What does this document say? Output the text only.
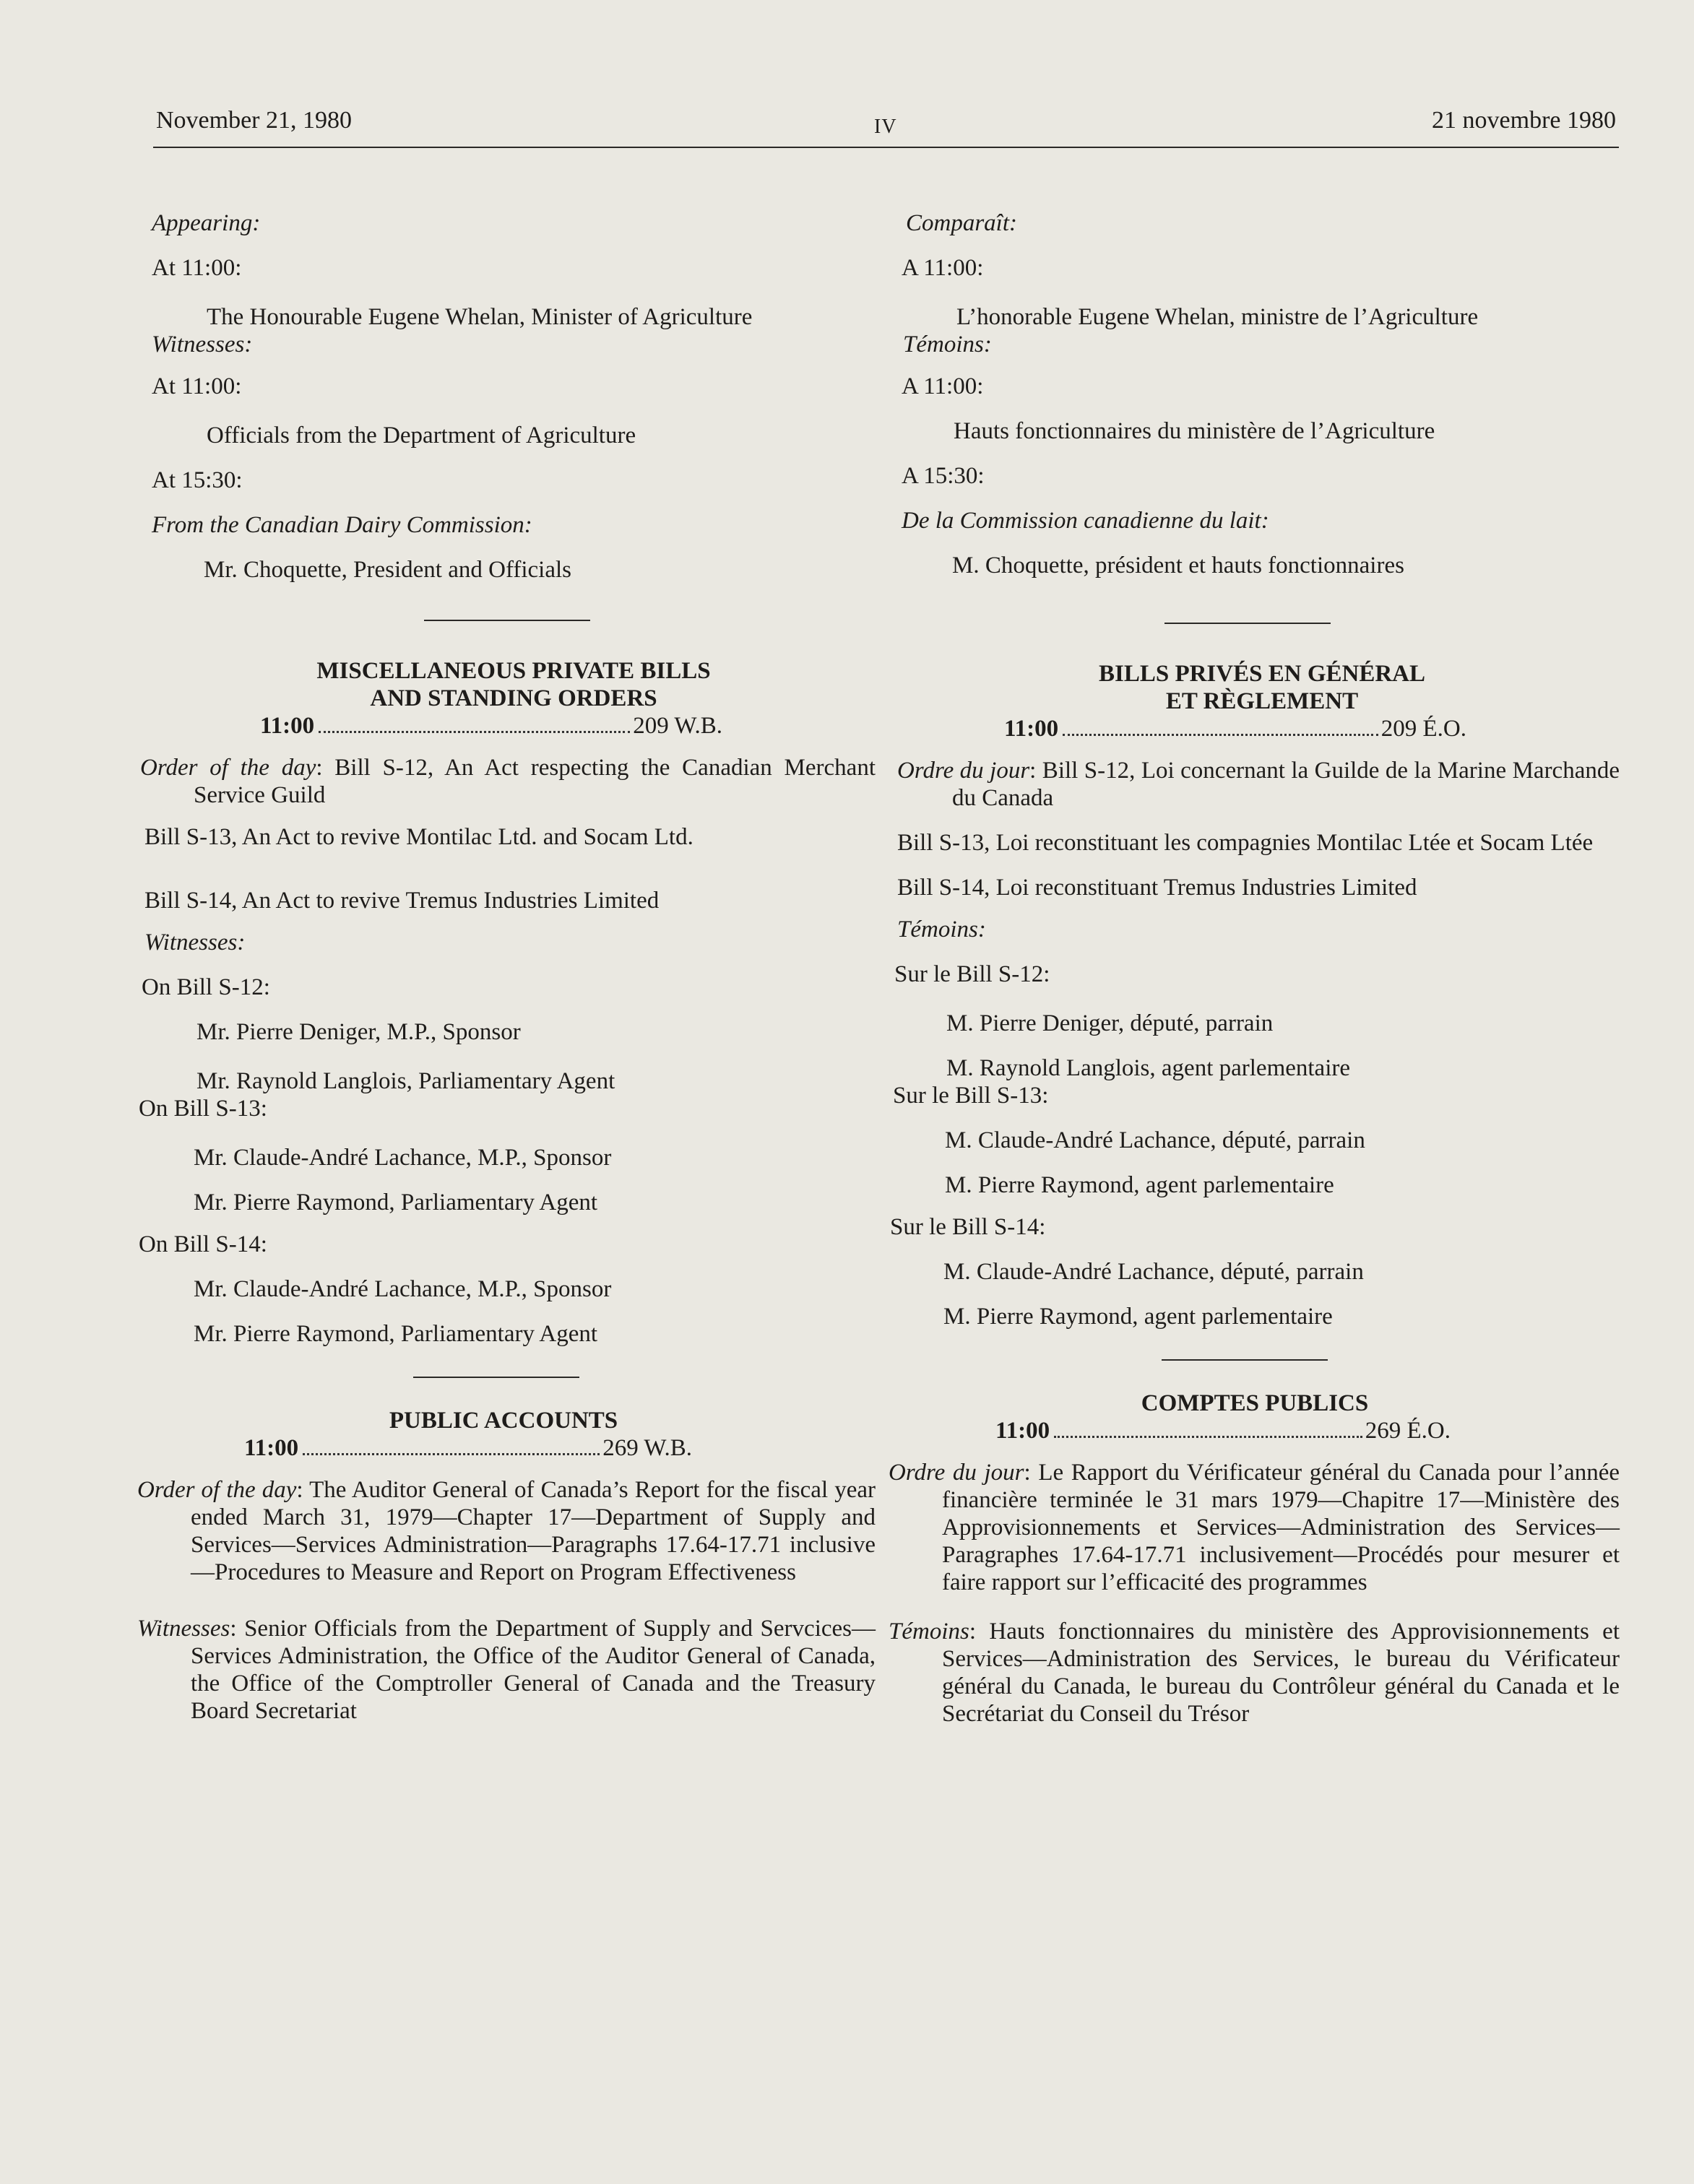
November 21, 1980	IV	21 novembre 1980

Appearing:

At 11:00:

The Honourable Eugene Whelan, Minister of Agriculture

Witnesses:

At 11:00:

Officials from the Department of Agriculture

At 15:30:

From the Canadian Dairy Commission:

Mr. Choquette, President and Officials

MISCELLANEOUS PRIVATE BILLS

AND STANDING ORDERS

11:00	209 W.B.

Order of the day: Bill S-12, An Act respecting the Canadian Merchant Service Guild

Bill S-13, An Act to revive Montilac Ltd. and Socam Ltd.

Bill S-14, An Act to revive Tremus Industries Limited

Witnesses:

On Bill S-12:

Mr. Pierre Deniger, M.P., Sponsor

Mr. Raynold Langlois, Parliamentary Agent

On Bill S-13:

Mr. Claude-André Lachance, M.P., Sponsor

Mr. Pierre Raymond, Parliamentary Agent

On Bill S-14:

Mr. Claude-André Lachance, M.P., Sponsor

Mr. Pierre Raymond, Parliamentary Agent

PUBLIC ACCOUNTS

11:00	269 W.B.

Order of the day: The Auditor General of Canada’s Report for the fiscal year ended March 31, 1979—Chapter 17—Department of Supply and Services—Services Administration—Paragraphs 17.64-17.71 inclusive—Procedures to Measure and Report on Program Effectiveness

Witnesses: Senior Officials from the Department of Supply and Servcices—Services Administration, the Office of the Auditor General of Canada, the Office of the Comptroller General of Canada and the Treasury Board Secretariat

Comparaît:

A 11:00:

L’honorable Eugene Whelan, ministre de l’Agriculture

Témoins:

A 11:00:

Hauts fonctionnaires du ministère de l’Agriculture

A 15:30:

De la Commission canadienne du lait:

M. Choquette, président et hauts fonctionnaires

BILLS PRIVÉS EN GÉNÉRAL

ET RÈGLEMENT

11:00	209 É.O.

Ordre du jour: Bill S-12, Loi concernant la Guilde de la Marine Marchande du Canada

Bill S-13, Loi reconstituant les compagnies Montilac Ltée et Socam Ltée

Bill S-14, Loi reconstituant Tremus Industries Limited

Témoins:

Sur le Bill S-12:

M. Pierre Deniger, député, parrain

M. Raynold Langlois, agent parlementaire

Sur le Bill S-13:

M. Claude-André Lachance, député, parrain

M. Pierre Raymond, agent parlementaire

Sur le Bill S-14:

M. Claude-André Lachance, député, parrain

M. Pierre Raymond, agent parlementaire

COMPTES PUBLICS

11:00	269 É.O.

Ordre du jour: Le Rapport du Vérificateur général du Canada pour l’année financière terminée le 31 mars 1979—Chapitre 17—Ministère des Approvisionnements et Services—Administration des Services—Paragraphes 17.64-17.71 inclusivement—Procédés pour mesurer et faire rapport sur l’efficacité des programmes

Témoins: Hauts fonctionnaires du ministère des Approvisionnements et Services—Administration des Services, le bureau du Vérificateur général du Canada, le bureau du Contrôleur général du Canada et le Secrétariat du Conseil du Trésor
